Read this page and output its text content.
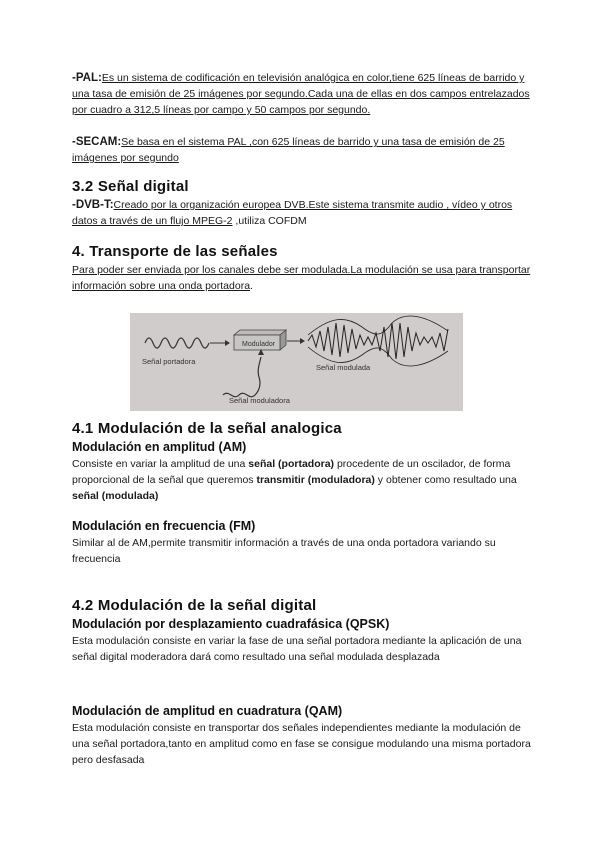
-PAL:Es un sistema de codificación en televisión analógica en color,tiene 625 líneas de barrido y una tasa de emisión de 25 imágenes por segundo.Cada una de ellas en dos campos entrelazados por cuadro a 312,5 líneas por campo y 50 campos por segundo.

-SECAM:Se basa en el sistema PAL ,con 625 líneas de barrido y una tasa de emisión de 25 imágenes por segundo

3.2 Señal digital

-DVB-T:Creado por la organización europea DVB.Este sistema transmite audio , vídeo y otros datos a través de un flujo MPEG-2 ,utiliza COFDM

4. Transporte de las señales

Para poder ser enviada por los canales debe ser modulada.La modulación se usa para transportar información sobre una onda portadora.

Modulador
Señal portadora
Señal modulada
Señal moduladora
4.1 Modulación de la señal analogica
Modulación en amplitud (AM)

Consiste en variar la amplitud de una señal (portadora) procedente de un oscilador, de forma proporcional de la señal que queremos transmitir (moduladora) y obtener como resultado una señal (modulada)

Modulación en frecuencia (FM)

Similar al de AM,permite transmitir información a través de una onda portadora variando su frecuencia

4.2 Modulación de la señal digital
Modulación por desplazamiento cuadrafásica (QPSK)

Esta modulación consiste en variar la fase de una señal portadora mediante la aplicación de una señal digital moderadora dará como resultado una señal modulada desplazada

Modulación de amplitud en cuadratura (QAM)

Esta modulación consiste en transportar dos señales independientes mediante la modulación de una señal portadora,tanto en amplitud como en fase se consigue modulando una misma portadora pero desfasada
